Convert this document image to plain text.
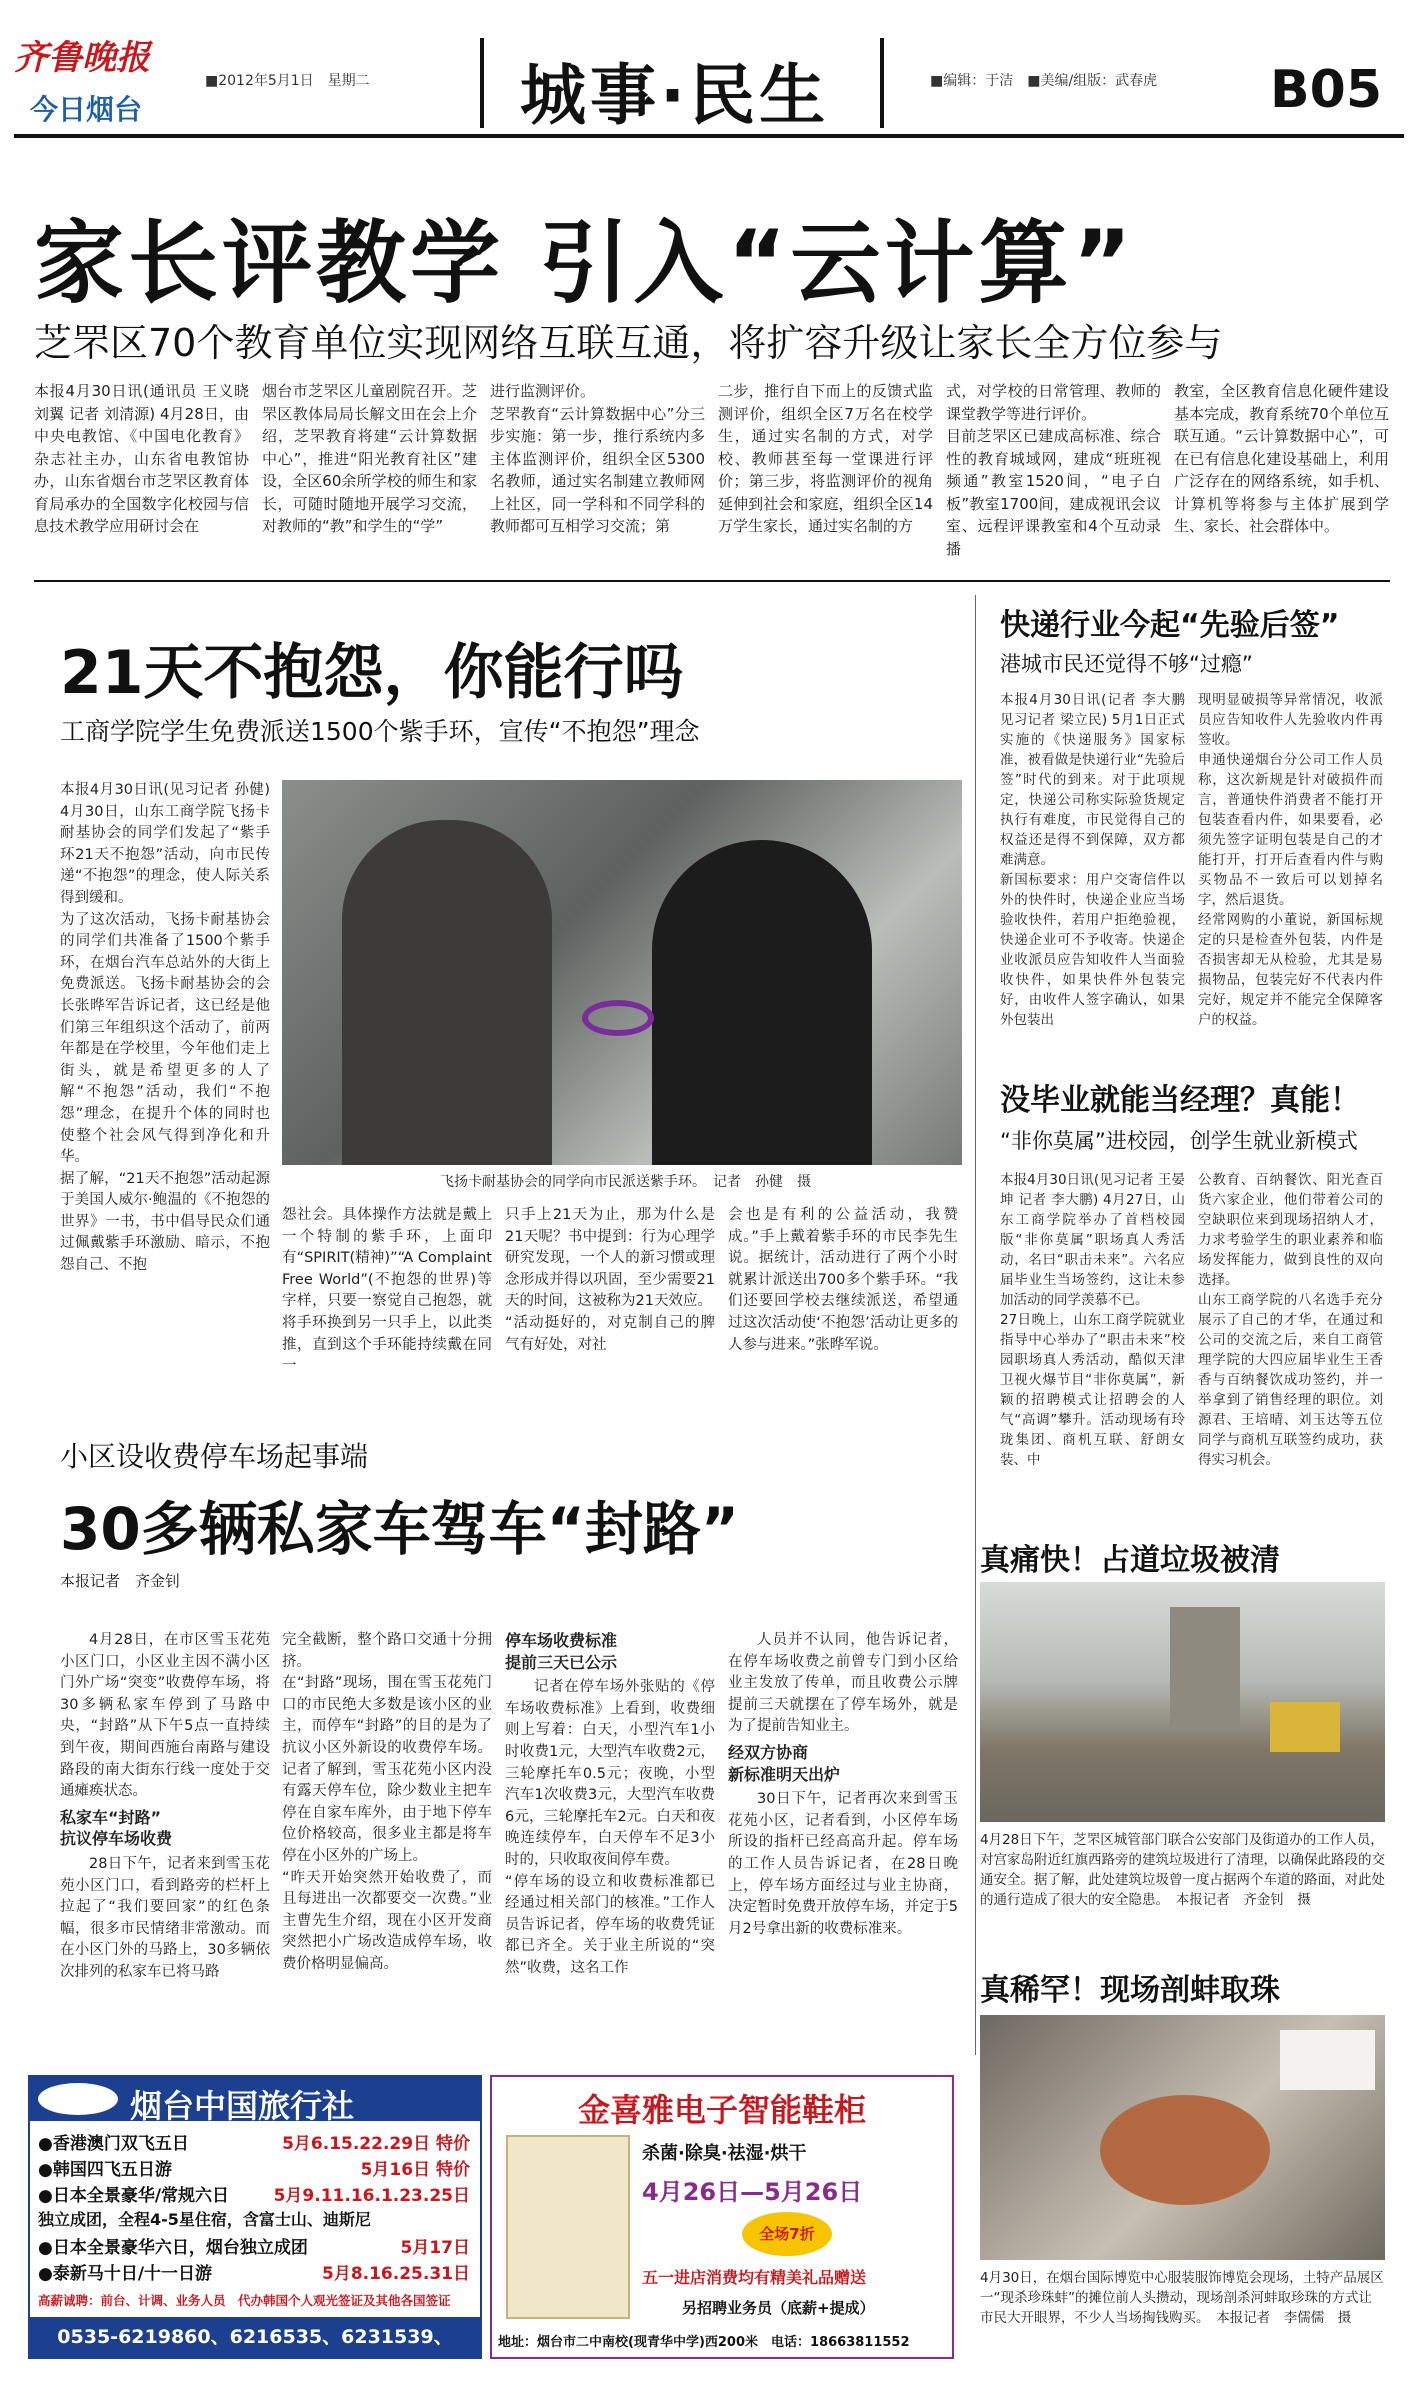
齐鲁晚报
今日烟台
■2012年5月1日　星期二 城事·民生	■编辑：于洁　■美编/组版：武春虎 B05
家长评教学 引入“云计算”
芝罘区70个教育单位实现网络互联互通，将扩容升级让家长全方位参与
本报4月30日讯(通讯员 王义晓 刘翼 记者 刘清源) 4月28日，由中央电教馆、《中国电化教育》杂志社主办，山东省电教馆协办，山东省烟台市芝罘区教育体育局承办的全国数字化校园与信息技术教学应用研讨会在
烟台市芝罘区儿童剧院召开。芝罘区教体局局长解文田在会上介绍，芝罘教育将建“云计算数据中心”，推进“阳光教育社区”建设，全区60余所学校的师生和家长，可随时随地开展学习交流，对教师的“教”和学生的“学”
进行监测评价。
芝罘教育“云计算数据中心”分三步实施：第一步，推行系统内多主体监测评价，组织全区5300名教师，通过实名制建立教师网上社区，同一学科和不同学科的教师都可互相学习交流；第
二步，推行自下而上的反馈式监测评价，组织全区7万名在校学生，通过实名制的方式，对学校、教师甚至每一堂课进行评价；第三步，将监测评价的视角延伸到社会和家庭，组织全区14万学生家长，通过实名制的方
式，对学校的日常管理、教师的课堂教学等进行评价。
目前芝罘区已建成高标准、综合性的教育城域网，建成“班班视频通”教室1520间，“电子白板”教室1700间，建成视讯会议室、远程评课教室和4个互动录播
教室，全区教育信息化硬件建设基本完成，教育系统70个单位互联互通。“云计算数据中心”，可在已有信息化建设基础上，利用广泛存在的网络系统，如手机、计算机等将参与主体扩展到学生、家长、社会群体中。
21天不抱怨，你能行吗
工商学院学生免费派送1500个紫手环，宣传“不抱怨”理念
本报4月30日讯(见习记者 孙健) 4月30日，山东工商学院飞扬卡耐基协会的同学们发起了“紫手环21天不抱怨”活动，向市民传递“不抱怨”的理念，使人际关系得到缓和。
为了这次活动，飞扬卡耐基协会的同学们共准备了1500个紫手环，在烟台汽车总站外的大街上免费派送。飞扬卡耐基协会的会长张晔军告诉记者，这已经是他们第三年组织这个活动了，前两年都是在学校里，今年他们走上街头，就是希望更多的人了解“不抱怨”活动，我们“不抱怨”理念，在提升个体的同时也使整个社会风气得到净化和升华。
据了解，“21天不抱怨”活动起源于美国人威尔·鲍温的《不抱怨的世界》一书，书中倡导民众们通过佩戴紫手环激励、暗示，不抱怨自己、不抱
飞扬卡耐基协会的同学向市民派送紫手环。　记者　孙健　摄
怨社会。具体操作方法就是戴上一个特制的紫手环，上面印有“SPIRIT(精神)”“A Complaint Free World”(不抱怨的世界)等字样，只要一察觉自己抱怨，就将手环换到另一只手上，以此类推，直到这个手环能持续戴在同一
只手上21天为止，那为什么是21天呢？书中提到：行为心理学研究发现，一个人的新习惯或理念形成并得以巩固，至少需要21天的时间，这被称为21天效应。
“活动挺好的，对克制自己的脾气有好处，对社
会也是有利的公益活动，我赞成。”手上戴着紫手环的市民李先生说。据统计，活动进行了两个小时就累计派送出700多个紫手环。“我们还要回学校去继续派送，希望通过这次活动使‘不抱怨’活动让更多的人参与进来。”张晔军说。
小区设收费停车场起事端
30多辆私家车驾车“封路”
本报记者　齐金钊
4月28日，在市区雪玉花苑小区门口，小区业主因不满小区门外广场“突变”收费停车场，将30多辆私家车停到了马路中央，“封路”从下午5点一直持续到午夜，期间西施台南路与建设路段的南大街东行线一度处于交通瘫痪状态。
私家车“封路”
抗议停车场收费
28日下午，记者来到雪玉花苑小区门口，看到路旁的栏杆上拉起了“我们要回家”的红色条幅，很多市民情绪非常激动。而在小区门外的马路上，30多辆依次排列的私家车已将马路
完全截断，整个路口交通十分拥挤。
在“封路”现场，围在雪玉花苑门口的市民绝大多数是该小区的业主，而停车“封路”的目的是为了抗议小区外新设的收费停车场。记者了解到，雪玉花苑小区内没有露天停车位，除少数业主把车停在自家车库外，由于地下停车位价格较高，很多业主都是将车停在小区外的广场上。
“昨天开始突然开始收费了，而且每进出一次都要交一次费。”业主曹先生介绍，现在小区开发商突然把小广场改造成停车场，收费价格明显偏高。
停车场收费标准
提前三天已公示
记者在停车场外张贴的《停车场收费标准》上看到，收费细则上写着：白天，小型汽车1小时收费1元，大型汽车收费2元，三轮摩托车0.5元；夜晚，小型汽车1次收费3元，大型汽车收费6元，三轮摩托车2元。白天和夜晚连续停车，白天停车不足3小时的，只收取夜间停车费。
“停车场的设立和收费标准都已经通过相关部门的核准。”工作人员告诉记者，停车场的收费凭证都已齐全。关于业主所说的“突然”收费，这名工作
人员并不认同，他告诉记者，在停车场收费之前曾专门到小区给业主发放了传单，而且收费公示牌提前三天就摆在了停车场外，就是为了提前告知业主。
经双方协商
新标准明天出炉
30日下午，记者再次来到雪玉花苑小区，记者看到，小区停车场所设的指杆已经高高升起。停车场的工作人员告诉记者，在28日晚上，停车场方面经过与业主协商，决定暂时免费开放停车场，并定于5月2号拿出新的收费标准来。
快递行业今起“先验后签”
港城市民还觉得不够“过瘾”
本报4月30日讯(记者 李大鹏 见习记者 梁立民) 5月1日正式实施的《快递服务》国家标准，被看做是快递行业“先验后签”时代的到来。对于此项规定，快递公司称实际验货规定执行有难度，市民觉得自己的权益还是得不到保障，双方都难满意。
新国标要求：用户交寄信件以外的快件时，快递企业应当场验收快件，若用户拒绝验视，快递企业可不予收寄。快递企业收派员应告知收件人当面验收快件，如果快件外包装完好，由收件人签字确认，如果外包装出
现明显破损等异常情况，收派员应告知收件人先验收内件再签收。
申通快递烟台分公司工作人员称，这次新规是针对破损件而言，普通快件消费者不能打开包装查看内件，如果要看，必须先签字证明包装是自己的才能打开，打开后查看内件与购买物品不一致后可以划掉名字，然后退货。
经常网购的小董说，新国标规定的只是检查外包装，内件是否损害却无从检验，尤其是易损物品，包装完好不代表内件完好，规定并不能完全保障客户的权益。
没毕业就能当经理？真能！
“非你莫属”进校园，创学生就业新模式
本报4月30日讯(见习记者 王晏坤 记者 李大鹏) 4月27日，山东工商学院举办了首档校园版“非你莫属”职场真人秀活动，名曰“职击未来”。六名应届毕业生当场签约，这让未参加活动的同学羡慕不已。
27日晚上，山东工商学院就业指导中心举办了“职击未来”校园职场真人秀活动，酷似天津卫视火爆节目“非你莫属”，新颖的招聘模式让招聘会的人气“高调”攀升。活动现场有玲珑集团、商机互联、舒朗女装、中
公教育、百纳餐饮、阳光查百货六家企业，他们带着公司的空缺职位来到现场招纳人才，力求考验学生的职业素养和临场发挥能力，做到良性的双向选择。
山东工商学院的八名选手充分展示了自己的才华，在通过和公司的交流之后，来自工商管理学院的大四应届毕业生王香香与百纳餐饮成功签约，并一举拿到了销售经理的职位。刘源君、王培晴、刘玉达等五位同学与商机互联签约成功，获得实习机会。
真痛快！占道垃圾被清
4月28日下午，芝罘区城管部门联合公安部门及街道办的工作人员，对宫家岛附近红旗西路旁的建筑垃圾进行了清理，以确保此路段的交通安全。据了解，此处建筑垃圾曾一度占据两个车道的路面，对此处的通行造成了很大的安全隐患。　本报记者　齐金钊　摄
真稀罕！现场剖蚌取珠
4月30日，在烟台国际博览中心服装服饰博览会现场，土特产品展区一“现杀珍珠蚌”的摊位前人头攒动，现场剖杀河蚌取珍珠的方式让市民大开眼界，不少人当场掏钱购买。　本报记者　李儒儒　摄
烟台中国旅行社
●香港澳门双飞五日	5月6.15.22.29日 特价
●韩国四飞五日游	5月16日 特价
●日本全景豪华/常规六日	5月9.11.16.1.23.25日
独立成团，全程4-5星住宿，含富士山、迪斯尼
●日本全景豪华六日，烟台独立成团	5月17日
●泰新马十日/十一日游	5月8.16.25.31日
高薪诚聘：前台、计调、业务人员　代办韩国个人观光签证及其他各国签证
0535-6219860、6216535、6231539、6211129
金喜雅电子智能鞋柜
杀菌·除臭·祛湿·烘干
4月26日—5月26日
全场7折
五一进店消费均有精美礼品赠送
另招聘业务员（底薪+提成）
地址：烟台市二中南校(现青华中学)西200米　电话：18663811552
